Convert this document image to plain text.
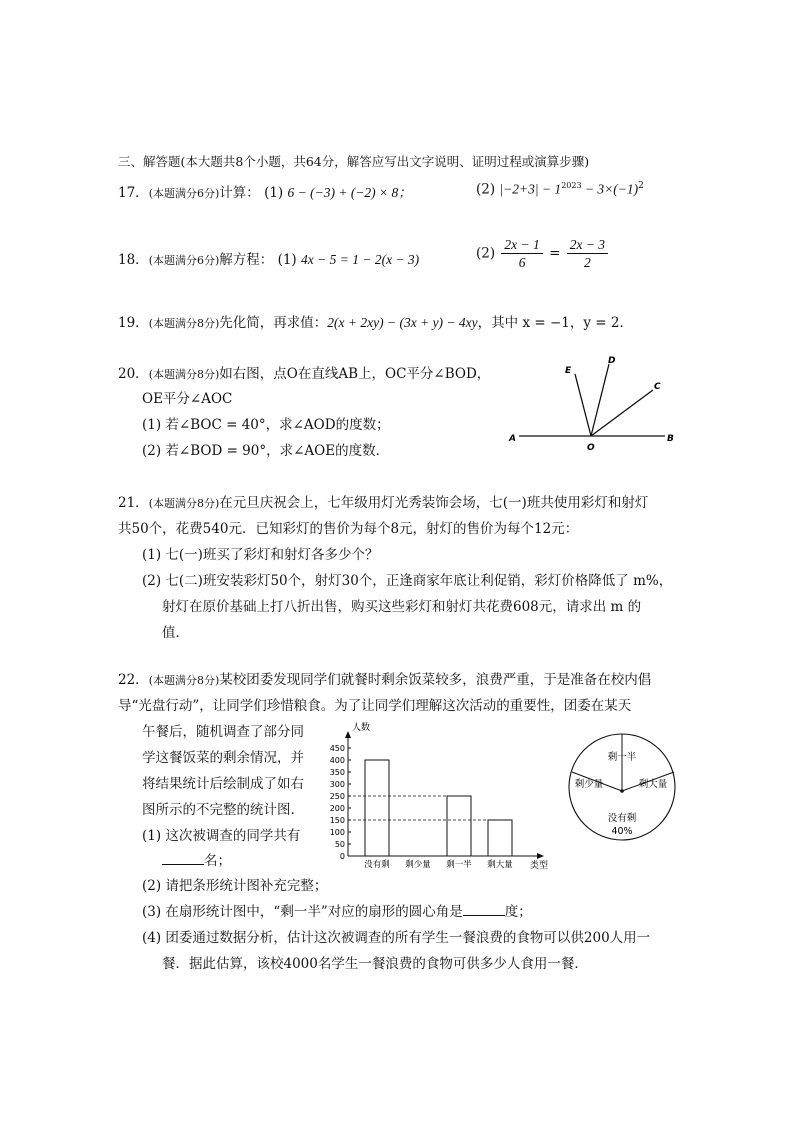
三、解答题(本大题共8个小题，共64分，解答应写出文字说明、证明过程或演算步骤)
17．(本题满分6分)计算： (1) 6 − (−3) + (−2) × 8；	(2) $|-2+3| - 1^{2023} - 3\times(-1)^2$
18．(本题满分6分)解方程： (1) 4x − 5 = 1 − 2(x − 3)	$(2) \frac{2x - 1}{6} = \frac{2x - 3}{2}$
19．(本题满分8分)先化简，再求值：2(x + 2xy) − (3x + y) − 4xy，其中 x = −1，y = 2．
20．(本题满分8分)如右图，点O在直线AB上，OC平分∠BOD，
OE平分∠AOC
(1) 若∠BOC = 40°，求∠AOD的度数；
(2) 若∠BOD = 90°，求∠AOE的度数．
A	B
O
C
D
E
21．(本题满分8分)在元旦庆祝会上，七年级用灯光秀装饰会场，七(一)班共使用彩灯和射灯
共50个，花费540元．已知彩灯的售价为每个8元，射灯的售价为每个12元：
(1) 七(一)班买了彩灯和射灯各多少个？
(2) 七(二)班安装彩灯50个，射灯30个，正逢商家年底让利促销，彩灯价格降低了 m%，
射灯在原价基础上打八折出售，购买这些彩灯和射灯共花费608元，请求出 m 的
值．
22．(本题满分8分)某校团委发现同学们就餐时剩余饭菜较多，浪费严重，于是准备在校内倡
导“光盘行动”，让同学们珍惜粮食。为了让同学们理解这次活动的重要性，团委在某天
午餐后，随机调查了部分同
学这餐饭菜的剩余情况，并
将结果统计后绘制成了如右
图所示的不完整的统计图．
(1) 这次被调查的同学共有
名；
(2) 请把条形统计图补充完整；
(3) 在扇形统计图中，“剩一半”对应的扇形的圆心角是	度；
(4) 团委通过数据分析，估计这次被调查的所有学生一餐浪费的食物可以供200人用一
餐．据此估算，该校4000名学生一餐浪费的食物可供多少人食用一餐．
0
50
100
150
200
250
300
350
400
450
没有剩 剩少量 剩一半 剩大量
人数
类型
剩一半
剩大量
剩少量
没有剩
40%
